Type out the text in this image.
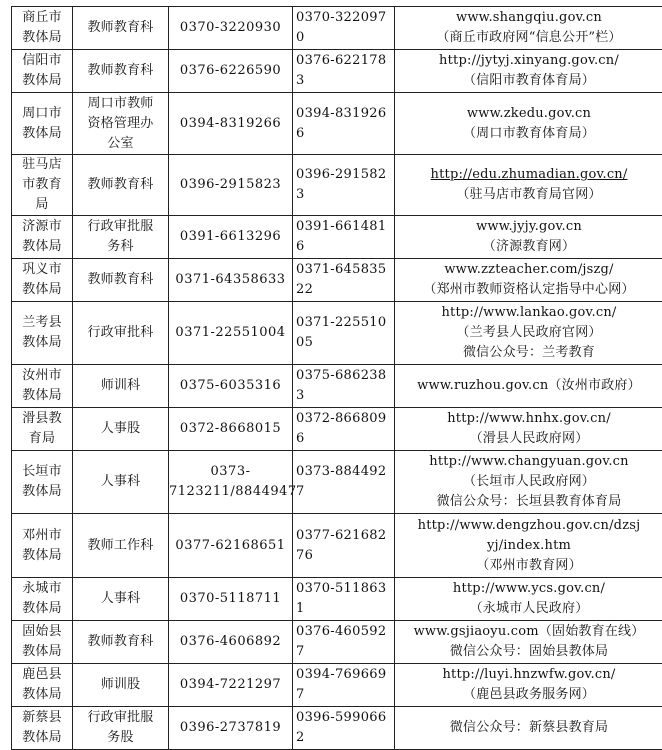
商丘市教体局	教师教育科	0370-3220930	0370-3220970	www.shangqiu.gov.cn
（商丘市政府网“信息公开”栏）

信阳市教体局	教师教育科	0376-6226590	0376-6221783	http://jytyj.xinyang.gov.cn/
（信阳市教育体育局）

周口市教体局	周口市教师资格管理办公室	0394-8319266	0394-8319266	www.zkedu.gov.cn
（周口市教育体育局）

驻马店市教育局	教师教育科	0396-2915823	0396-2915823	http://edu.zhumadian.gov.cn/
（驻马店市教育局官网）

济源市教体局	行政审批服务科	0391-6613296	0391-6614816	www.jyjy.gov.cn
（济源教育网）

巩义市教体局	教师教育科	0371-64358633	0371-64583522	www.zzteacher.com/jszg/
（郑州市教师资格认定指导中心网）

兰考县教体局	行政审批科	0371-22551004	0371-22551005	http://www.lankao.gov.cn/
（兰考县人民政府官网）
微信公众号：兰考教育

汝州市教体局	师训科	0375-6035316	0375-6862383	www.ruzhou.gov.cn（汝州市政府）

滑县教育局	人事股	0372-8668015	0372-8668096	http://www.hnhx.gov.cn/
（滑县人民政府网）

长垣市教体局	人事科	0373-7123211/8844947	0373-8844927	http://www.changyuan.gov.cn
（长垣市人民政府网）
微信公众号：长垣县教育体育局

邓州市教体局	教师工作科	0377-62168651	0377-62168276	http://www.dengzhou.gov.cn/dzsj
yj/index.htm
（邓州市教育网）

永城市教体局	人事科	0370-5118711	0370-5118631	http://www.ycs.gov.cn/
（永城市人民政府）

固始县教体局	教师教育科	0376-4606892	0376-4605927	www.gsjiaoyu.com（固始教育在线）
微信公众号：固始县教体局

鹿邑县教体局	师训股	0394-7221297	0394-7696697	http://luyi.hnzwfw.gov.cn/
（鹿邑县政务服务网）

新蔡县教体局	行政审批服务股	0396-2737819	0396-5990662	微信公众号：新蔡县教育局
